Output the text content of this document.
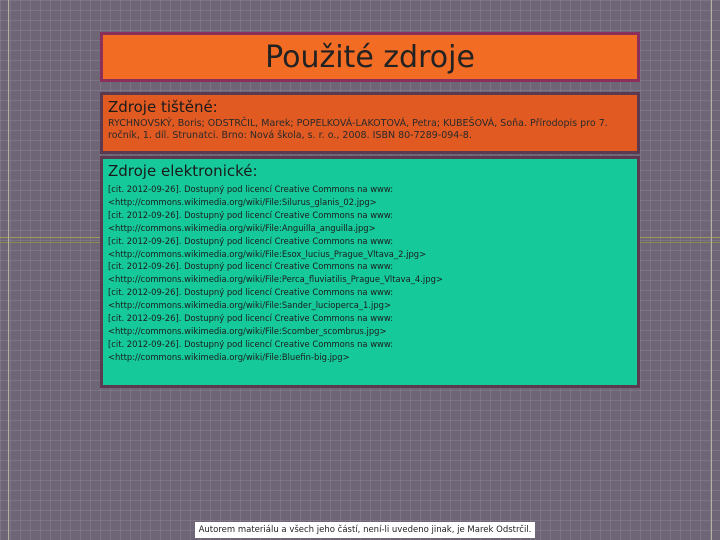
Použité zdroje
Zdroje tištěné:

RYCHNOVSKÝ, Boris; ODSTRČIL, Marek; POPELKOVÁ-LAKOTOVÁ, Petra; KUBEŠOVÁ, Soňa. Přírodopis pro 7. ročník, 1. díl. Strunatci. Brno: Nová škola, s. r. o., 2008. ISBN 80-7289-094-8.

Zdroje elektronické:
[cit. 2012-09-26]. Dostupný pod licencí Creative Commons na www:
<http://commons.wikimedia.org/wiki/File:Silurus_glanis_02.jpg>
[cit. 2012-09-26]. Dostupný pod licencí Creative Commons na www:
<http://commons.wikimedia.org/wiki/File:Anguilla_anguilla.jpg>
[cit. 2012-09-26]. Dostupný pod licencí Creative Commons na www:
<http://commons.wikimedia.org/wiki/File:Esox_lucius_Prague_Vltava_2.jpg>
[cit. 2012-09-26]. Dostupný pod licencí Creative Commons na www:
<http://commons.wikimedia.org/wiki/File:Perca_fluviatilis_Prague_Vltava_4.jpg>
[cit. 2012-09-26]. Dostupný pod licencí Creative Commons na www:
<http://commons.wikimedia.org/wiki/File:Sander_lucioperca_1.jpg>
[cit. 2012-09-26]. Dostupný pod licencí Creative Commons na www:
<http://commons.wikimedia.org/wiki/File:Scomber_scombrus.jpg>
[cit. 2012-09-26]. Dostupný pod licencí Creative Commons na www:
<http://commons.wikimedia.org/wiki/File:Bluefin-big.jpg>
Autorem materiálu a všech jeho částí, není-li uvedeno jinak, je Marek Odstrčil.
